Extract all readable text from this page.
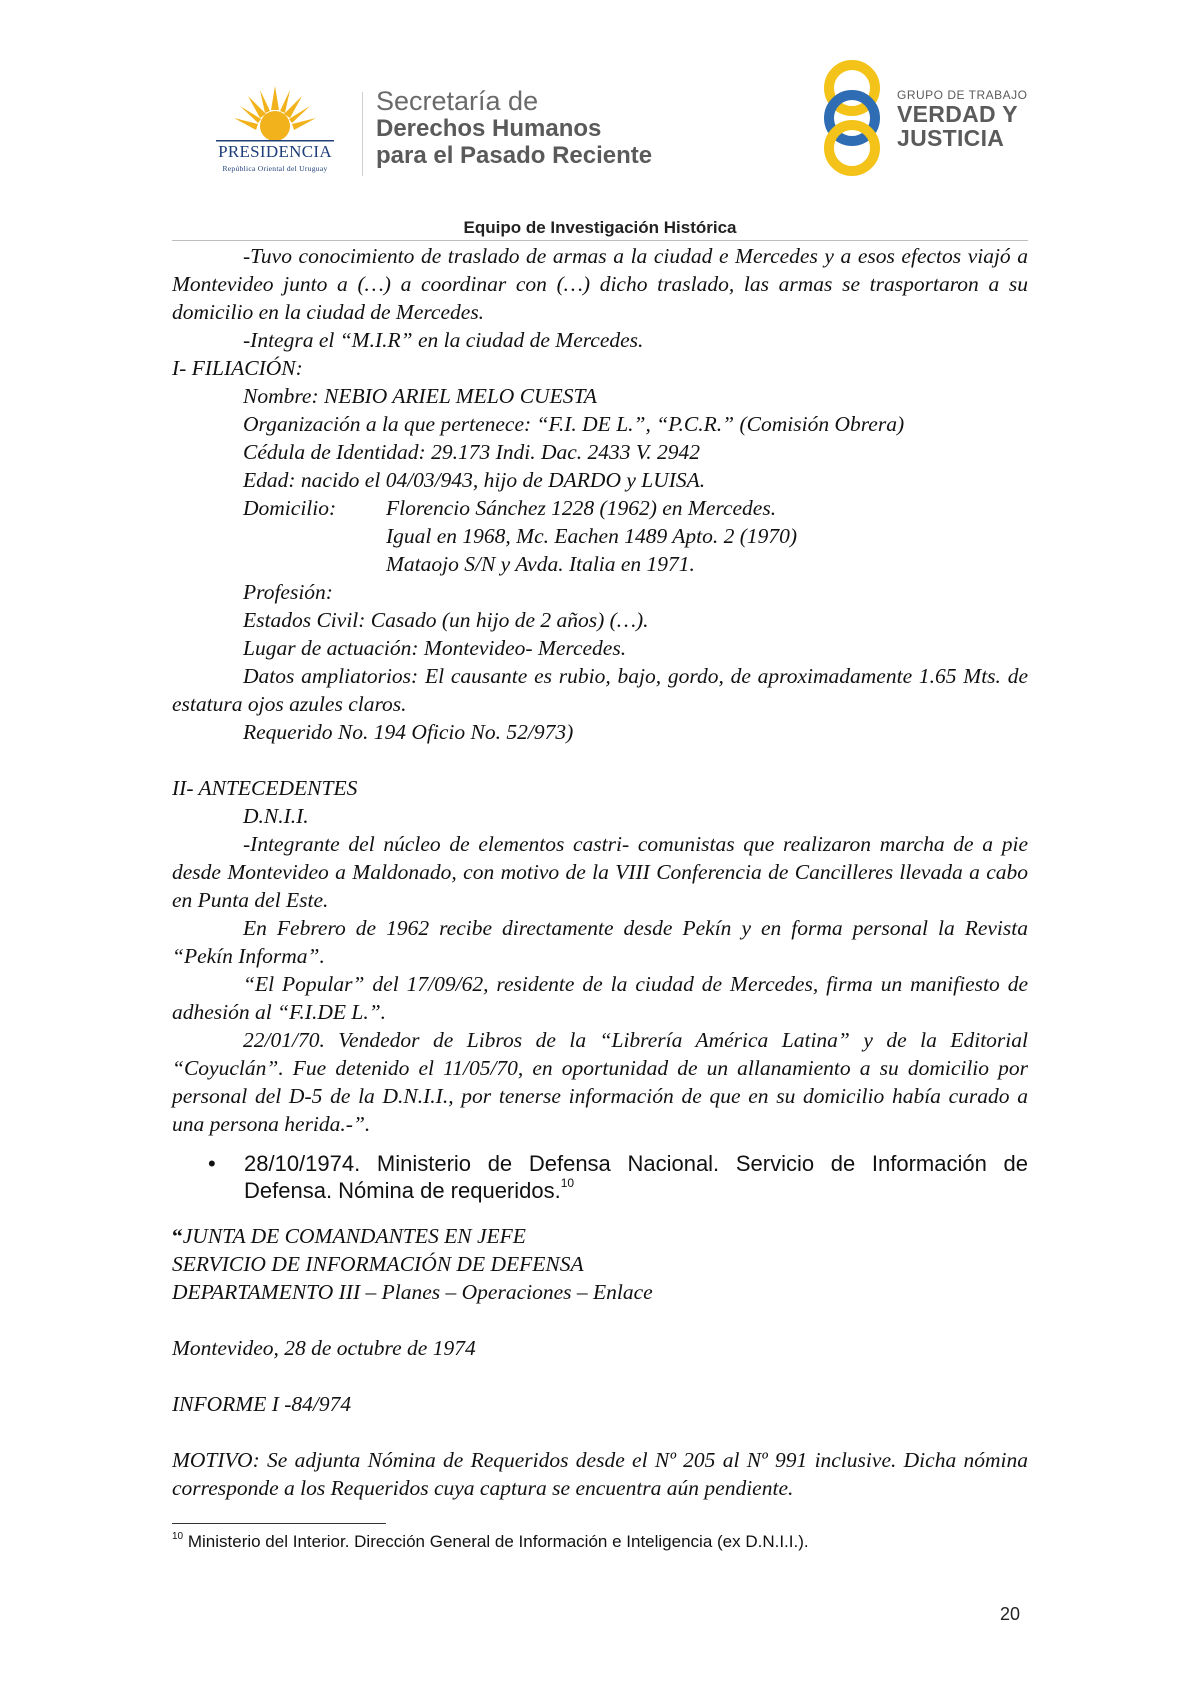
PRESIDENCIA
República Oriental del Uruguay
Secretaría de
Derechos Humanos
para el Pasado Reciente
GRUPO DE TRABAJO
VERDAD Y
JUSTICIA
Equipo de Investigación Histórica

-Tuvo conocimiento de traslado de armas a la ciudad e Mercedes y a esos efectos viajó a Montevideo junto a (…) a coordinar con (…) dicho traslado, las armas se trasportaron a su domicilio en la ciudad de Mercedes.

-Integra el “M.I.R” en la ciudad de Mercedes.

I- FILIACIÓN:

Nombre: NEBIO ARIEL MELO CUESTA

Organización a la que pertenece: “F.I. DE L.”, “P.C.R.” (Comisión Obrera)

Cédula de Identidad: 29.173 Indi. Dac. 2433 V. 2942

Edad: nacido el 04/03/943, hijo de DARDO y LUISA.

Domicilio:	Florencio Sánchez 1228 (1962) en Mercedes.
Igual en 1968, Mc. Eachen 1489 Apto. 2 (1970)
Mataojo S/N y Avda. Italia en 1971.

Profesión:

Estados Civil: Casado (un hijo de 2 años) (…).

Lugar de actuación: Montevideo- Mercedes.

Datos ampliatorios: El causante es rubio, bajo, gordo, de aproximadamente 1.65 Mts. de estatura ojos azules claros.

Requerido No. 194 Oficio No. 52/973)

II- ANTECEDENTES

D.N.I.I.

-Integrante del núcleo de elementos castri- comunistas que realizaron marcha de a pie desde Montevideo a Maldonado, con motivo de la VIII Conferencia de Cancilleres llevada a cabo en Punta del Este.

En Febrero de 1962 recibe directamente desde Pekín y en forma personal la Revista “Pekín Informa”.

“El Popular” del 17/09/62, residente de la ciudad de Mercedes, firma un manifiesto de adhesión al “F.I.DE L.”.

22/01/70. Vendedor de Libros de la “Librería América Latina” y de la Editorial “Coyuclán”. Fue detenido el 11/05/70, en oportunidad de un allanamiento a su domicilio por personal del D-5 de la D.N.I.I., por tenerse información de que en su domicilio había curado a una persona herida.-”.

• 28/10/1974. Ministerio de Defensa Nacional. Servicio de Información de Defensa. Nómina de requeridos.$^{10}$

“JUNTA DE COMANDANTES EN JEFE

SERVICIO DE INFORMACIÓN DE DEFENSA

DEPARTAMENTO III – Planes – Operaciones – Enlace

Montevideo, 28 de octubre de 1974

INFORME I -84/974

MOTIVO: Se adjunta Nómina de Requeridos desde el Nº 205 al Nº 991 inclusive. Dicha nómina corresponde a los Requeridos cuya captura se encuentra aún pendiente.

$^{10}$ Ministerio del Interior. Dirección General de Información e Inteligencia (ex D.N.I.I.).
20
